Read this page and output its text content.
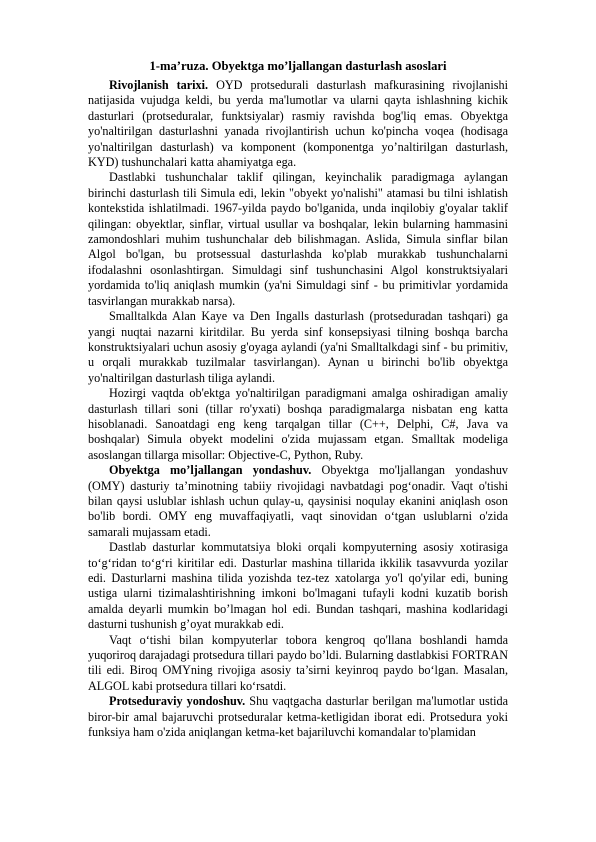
1-ma’ruza. Obyektga mo’ljallangan dasturlash asoslari

Rivojlanish tarixi. OYD protsedurali dasturlash mafkurasining rivojlanishi natijasida vujudga keldi, bu yerda ma'lumotlar va ularni qayta ishlashning kichik dasturlari (protseduralar, funktsiyalar) rasmiy ravishda bog'liq emas. Obyektga yo'naltirilgan dasturlashni yanada rivojlantirish uchun ko'pincha voqea (hodisaga yo'naltirilgan dasturlash) va komponent (komponentga yo’naltirilgan dasturlash, KYD) tushunchalari katta ahamiyatga ega.

Dastlabki tushunchalar taklif qilingan, keyinchalik paradigmaga aylangan birinchi dasturlash tili Simula edi, lekin "obyekt yo'nalishi" atamasi bu tilni ishlatish kontekstida ishlatilmadi. 1967-yilda paydo bo'lganida, unda inqilobiy g'oyalar taklif qilingan: obyektlar, sinflar, virtual usullar va boshqalar, lekin bularning hammasini zamondoshlari muhim tushunchalar deb bilishmagan. Aslida, Simula sinflar bilan Algol bo'lgan, bu protsessual dasturlashda ko'plab murakkab tushunchalarni ifodalashni osonlashtirgan. Simuldagi sinf tushunchasini Algol konstruktsiyalari yordamida to'liq aniqlash mumkin (ya'ni Simuldagi sinf - bu primitivlar yordamida tasvirlangan murakkab narsa).

Smalltalkda Alan Kaye va Den Ingalls dasturlash (protseduradan tashqari) ga yangi nuqtai nazarni kiritdilar. Bu yerda sinf konsepsiyasi tilning boshqa barcha konstruktsiyalari uchun asosiy g'oyaga aylandi (ya'ni Smalltalkdagi sinf - bu primitiv, u orqali murakkab tuzilmalar tasvirlangan). Aynan u birinchi bo'lib obyektga yo'naltirilgan dasturlash tiliga aylandi.

Hozirgi vaqtda ob'ektga yo'naltirilgan paradigmani amalga oshiradigan amaliy dasturlash tillari soni (tillar ro'yxati) boshqa paradigmalarga nisbatan eng katta hisoblanadi. Sanoatdagi eng keng tarqalgan tillar (C++, Delphi, C#, Java va boshqalar) Simula obyekt modelini o'zida mujassam etgan. Smalltak modeliga asoslangan tillarga misollar: Objective-C, Python, Ruby.

Obyektga mo’ljallangan yondashuv. Obyektga mo'ljallangan yondashuv (OMY) dasturiy ta’minotning tabiiy rivojidagi navbatdagi pog‘onadir. Vaqt o'tishi bilan qaysi uslublar ishlash uchun qulay-u, qaysinisi noqulay ekanini aniqlash oson bo'lib bordi. OMY eng muvaffaqiyatli, vaqt sinovidan o‘tgan uslublarni o'zida samarali mujassam etadi.

Dastlab dasturlar kommutatsiya bloki orqali kompyuterning asosiy xotirasiga to‘g‘ridan to‘g‘ri kiritilar edi. Dasturlar mashina tillarida ikkilik tasavvurda yozilar edi. Dasturlarni mashina tilida yozishda tez-tez xatolarga yo'l qo'yilar edi, buning ustiga ularni tizimalashtirishning imkoni bo'lmagani tufayli kodni kuzatib borish amalda deyarli mumkin bo’lmagan hol edi. Bundan tashqari, mashina kodlaridagi dasturni tushunish g’oyat murakkab edi.

Vaqt o‘tishi bilan kompyuterlar tobora kengroq qo'llana boshlandi hamda yuqoriroq darajadagi protsedura tillari paydo bo’ldi. Bularning dastlabkisi FORTRAN tili edi. Biroq OMYning rivojiga asosiy ta’sirni keyinroq paydo bo‘lgan. Masalan, ALGOL kabi protsedura tillari ko‘rsatdi.

Protseduraviy yondoshuv. Shu vaqtgacha dasturlar berilgan ma'lumotlar ustida biror-bir amal bajaruvchi protseduralar ketma-ketligidan iborat edi. Protsedura yoki funksiya ham o'zida aniqlangan ketma-ket bajariluvchi komandalar to'plamidan
